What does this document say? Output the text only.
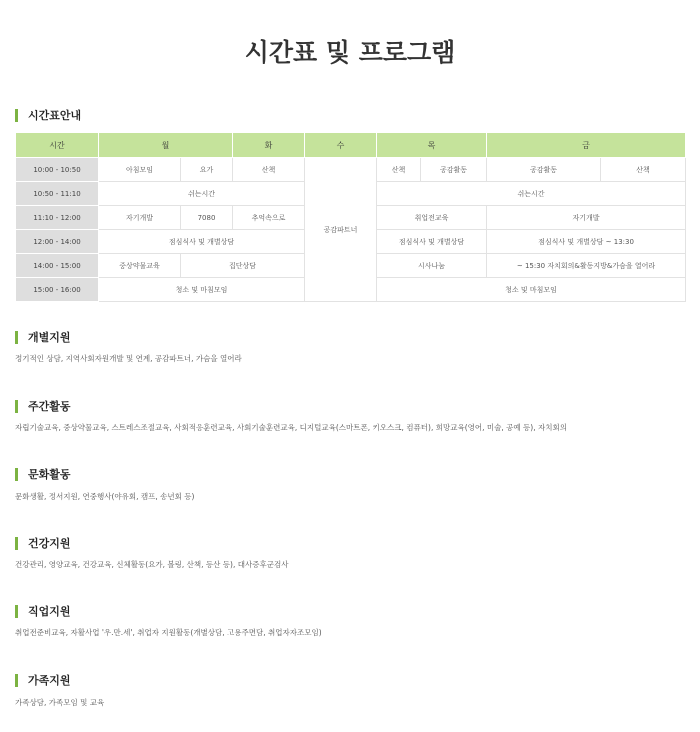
시간표 및 프로그램
시간표안내
시간	월		화	수	목		금	
10:00 - 10:50	아침모임	요가	산책	공감파트너	산책	공감활동	공감활동	산책
10:50 - 11:10	쉬는시간				쉬는시간			
11:10 - 12:00	자기개발	7080	추억속으로		취업전교육		자기개발	
12:00 - 14:00	점심식사 및 개별상담				점심식사 및 개별상담		점심식사 및 개별상담 ~ 13:30	
14:00 - 15:00	중상약물교육	집단상담			시사나눔		~ 15:30 자치회의&활동지방&가슴을 열어라	
15:00 - 16:00	청소 및 마침모임				청소 및 마침모임			
개별지원
정기적인 상담, 지역사회자원개발 및 연계, 공감파트너, 가슴을 열어라
주간활동
자립기술교육, 중상약물교육, 스트레스조절교육, 사회적응훈련교육, 사회기술훈련교육, 디지털교육(스마트폰, 키오스크, 컴퓨터), 희망교육(영어, 미술, 공예 등), 자치회의
문화활동
문화생활, 정서지원, 연중행사(야유회, 캠프, 송년회 등)
건강지원
건강관리, 영양교육, 건강교육, 신체활동(요가, 볼링, 산책, 등산 등), 대사증후군검사
직업지원
취업전준비교육, 자활사업 '우.만.세', 취업자 지원활동(개별상담, 고용주면담, 취업자자조모임)
가족지원
가족상담, 가족모임 및 교육
